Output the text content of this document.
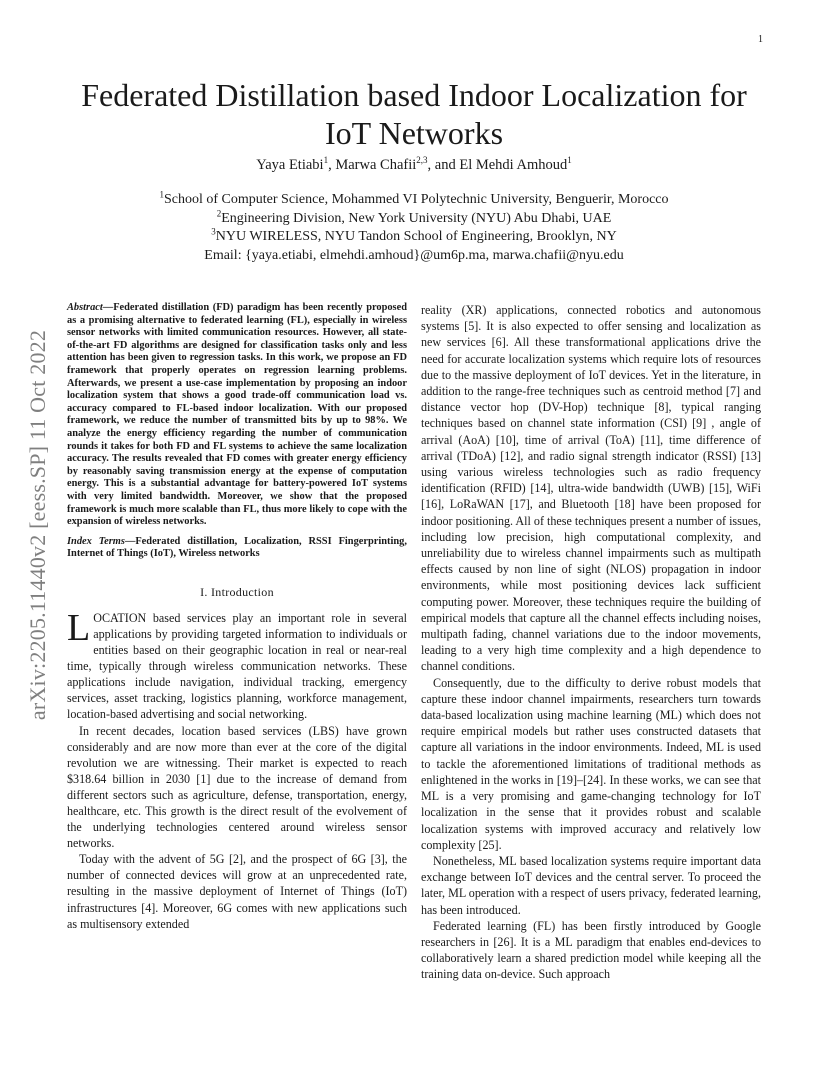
1
arXiv:2205.11440v2 [eess.SP] 11 Oct 2022
Federated Distillation based Indoor Localization for IoT Networks
Yaya Etiabi$^1$, Marwa Chafii$^{2,3}$, and El Mehdi Amhoud$^1$
$^1$School of Computer Science, Mohammed VI Polytechnic University, Benguerir, Morocco
$^2$Engineering Division, New York University (NYU) Abu Dhabi, UAE
$^3$NYU WIRELESS, NYU Tandon School of Engineering, Brooklyn, NY
Email: {yaya.etiabi, elmehdi.amhoud}@um6p.ma, marwa.chafii@nyu.edu
Abstract—Federated distillation (FD) paradigm has been recently proposed as a promising alternative to federated learning (FL), especially in wireless sensor networks with limited communication resources. However, all state-of-the-art FD algorithms are designed for classification tasks only and less attention has been given to regression tasks. In this work, we propose an FD framework that properly operates on regression learning problems. Afterwards, we present a use-case implementation by proposing an indoor localization system that shows a good trade-off communication load vs. accuracy compared to FL-based indoor localization. With our proposed framework, we reduce the number of transmitted bits by up to 98%. We analyze the energy efficiency regarding the number of communication rounds it takes for both FD and FL systems to achieve the same localization accuracy. The results revealed that FD comes with greater energy efficiency by reasonably saving transmission energy at the expense of computation energy. This is a substantial advantage for battery-powered IoT systems with very limited bandwidth. Moreover, we show that the proposed framework is much more scalable than FL, thus more likely to cope with the expansion of wireless networks.
Index Terms—Federated distillation, Localization, RSSI Fingerprinting, Internet of Things (IoT), Wireless networks
I. Introduction

LOCATION based services play an important role in several applications by providing targeted information to individuals or entities based on their geographic location in real or near-real time, typically through wireless communication networks. These applications include navigation, individual tracking, emergency services, asset tracking, logistics planning, workforce management, location-based advertising and social networking.

In recent decades, location based services (LBS) have grown considerably and are now more than ever at the core of the digital revolution we are witnessing. Their market is expected to reach $318.64 billion in 2030 [1] due to the increase of demand from different sectors such as agriculture, defense, transportation, energy, healthcare, etc. This growth is the direct result of the evolvement of the underlying technologies centered around wireless sensor networks.

Today with the advent of 5G [2], and the prospect of 6G [3], the number of connected devices will grow at an unprecedented rate, resulting in the massive deployment of Internet of Things (IoT) infrastructures [4]. Moreover, 6G comes with new applications such as multisensory extended

reality (XR) applications, connected robotics and autonomous systems [5]. It is also expected to offer sensing and localization as new services [6]. All these transformational applications drive the need for accurate localization systems which require lots of resources due to the massive deployment of IoT devices. Yet in the literature, in addition to the range-free techniques such as centroid method [7] and distance vector hop (DV-Hop) technique [8], typical ranging techniques based on channel state information (CSI) [9] , angle of arrival (AoA) [10], time of arrival (ToA) [11], time difference of arrival (TDoA) [12], and radio signal strength indicator (RSSI) [13] using various wireless technologies such as radio frequency identification (RFID) [14], ultra-wide bandwidth (UWB) [15], WiFi [16], LoRaWAN [17], and Bluetooth [18] have been proposed for indoor positioning. All of these techniques present a number of issues, including low precision, high computational complexity, and unreliability due to wireless channel impairments such as multipath effects caused by non line of sight (NLOS) propagation in indoor environments, while most positioning devices lack sufficient computing power. Moreover, these techniques require the building of empirical models that capture all the channel effects including noises, multipath fading, channel variations due to the indoor movements, leading to a very high time complexity and a high dependence to channel conditions.

Consequently, due to the difficulty to derive robust models that capture these indoor channel impairments, researchers turn towards data-based localization using machine learning (ML) which does not require empirical models but rather uses constructed datasets that capture all variations in the indoor environments. Indeed, ML is used to tackle the aforementioned limitations of traditional methods as enlightened in the works in [19]–[24]. In these works, we can see that ML is a very promising and game-changing technology for IoT localization in the sense that it provides robust and scalable localization systems with improved accuracy and relatively low complexity [25].

Nonetheless, ML based localization systems require important data exchange between IoT devices and the central server. To proceed the later, ML operation with a respect of users privacy, federated learning, has been introduced.

Federated learning (FL) has been firstly introduced by Google researchers in [26]. It is a ML paradigm that enables end-devices to collaboratively learn a shared prediction model while keeping all the training data on-device. Such approach
